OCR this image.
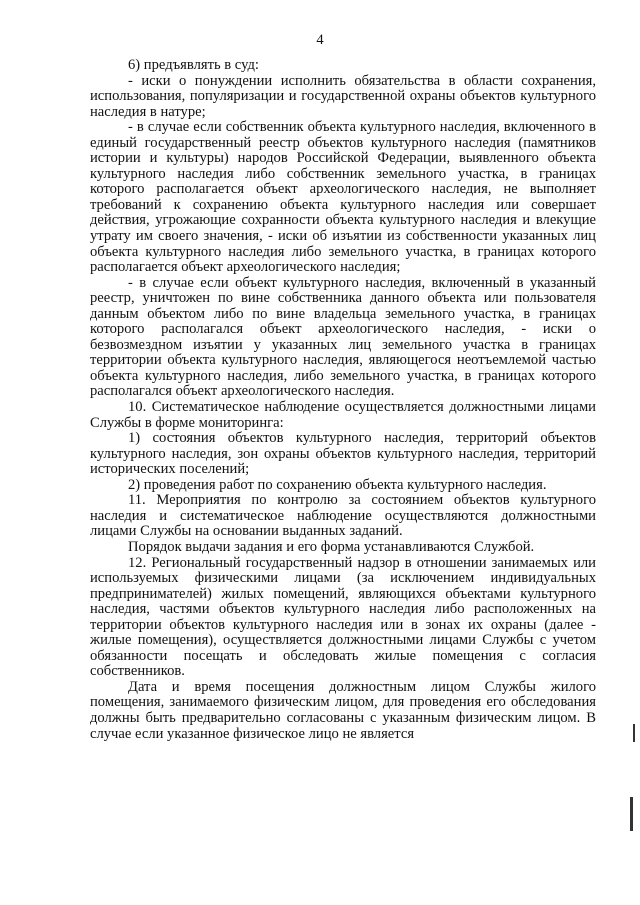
4

6) предъявлять в суд:

- иски о понуждении исполнить обязательства в области сохранения, использования, популяризации и государственной охраны объектов культурного наследия в натуре;

- в случае если собственник объекта культурного наследия, включенного в единый государственный реестр объектов культурного наследия (памятников истории и культуры) народов Российской Федерации, выявленного объекта культурного наследия либо собственник земельного участка, в границах которого располагается объект археологического наследия, не выполняет требований к сохранению объекта культурного наследия или совершает действия, угрожающие сохранности объекта культурного наследия и влекущие утрату им своего значения, - иски об изъятии из собственности указанных лиц объекта культурного наследия либо земельного участка, в границах которого располагается объект археологического наследия;

- в случае если объект культурного наследия, включенный в указанный реестр, уничтожен по вине собственника данного объекта или пользователя данным объектом либо по вине владельца земельного участка, в границах которого располагался объект археологического наследия, - иски о безвозмездном изъятии у указанных лиц земельного участка в границах территории объекта культурного наследия, являющегося неотъемлемой частью объекта культурного наследия, либо земельного участка, в границах которого располагался объект археологического наследия.

10. Систематическое наблюдение осуществляется должностными лицами Службы в форме мониторинга:

1) состояния объектов культурного наследия, территорий объектов культурного наследия, зон охраны объектов культурного наследия, территорий исторических поселений;

2) проведения работ по сохранению объекта культурного наследия.

11. Мероприятия по контролю за состоянием объектов культурного наследия и систематическое наблюдение осуществляются должностными лицами Службы на основании выданных заданий.

Порядок выдачи задания и его форма устанавливаются Службой.

12. Региональный государственный надзор в отношении занимаемых или используемых физическими лицами (за исключением индивидуальных предпринимателей) жилых помещений, являющихся объектами культурного наследия, частями объектов культурного наследия либо расположенных на территории объектов культурного наследия или в зонах их охраны (далее - жилые помещения), осуществляется должностными лицами Службы с учетом обязанности посещать и обследовать жилые помещения с согласия собственников.

Дата и время посещения должностным лицом Службы жилого помещения, занимаемого физическим лицом, для проведения его обследования должны быть предварительно согласованы с указанным физическим лицом. В случае если указанное физическое лицо не является
